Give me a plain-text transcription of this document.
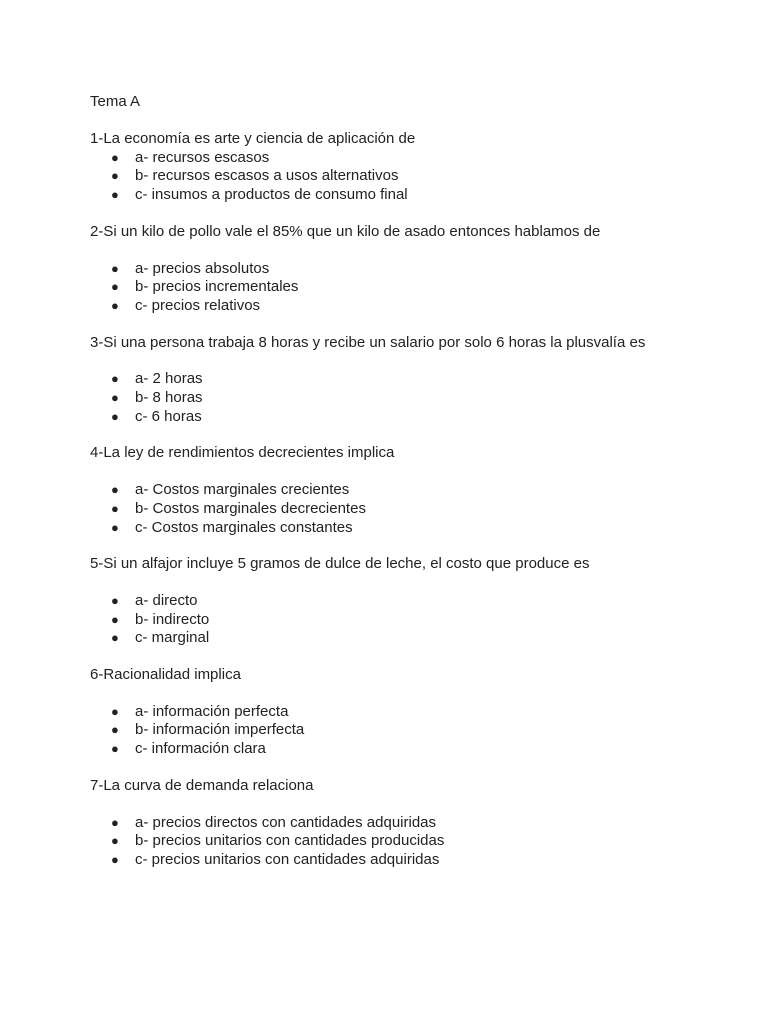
Tema A

1-La economía es arte y ciencia de aplicación de

● a- recursos escasos
● b- recursos escasos a usos alternativos
● c- insumos a productos de consumo final

2-Si un kilo de pollo vale el 85% que un kilo de asado entonces hablamos de

● a- precios absolutos
● b- precios incrementales
● c- precios relativos

3-Si una persona trabaja 8 horas y recibe un salario por solo 6 horas la plusvalía es

● a- 2 horas
● b- 8 horas
● c- 6 horas

4-La ley de rendimientos decrecientes implica

● a- Costos marginales crecientes
● b- Costos marginales decrecientes
● c- Costos marginales constantes

5-Si un alfajor incluye 5 gramos de dulce de leche, el costo que produce es

● a- directo
● b- indirecto
● c- marginal

6-Racionalidad implica

● a- información perfecta
● b- información imperfecta
● c- información clara

7-La curva de demanda relaciona

● a- precios directos con cantidades adquiridas
● b- precios unitarios con cantidades producidas
● c- precios unitarios con cantidades adquiridas
